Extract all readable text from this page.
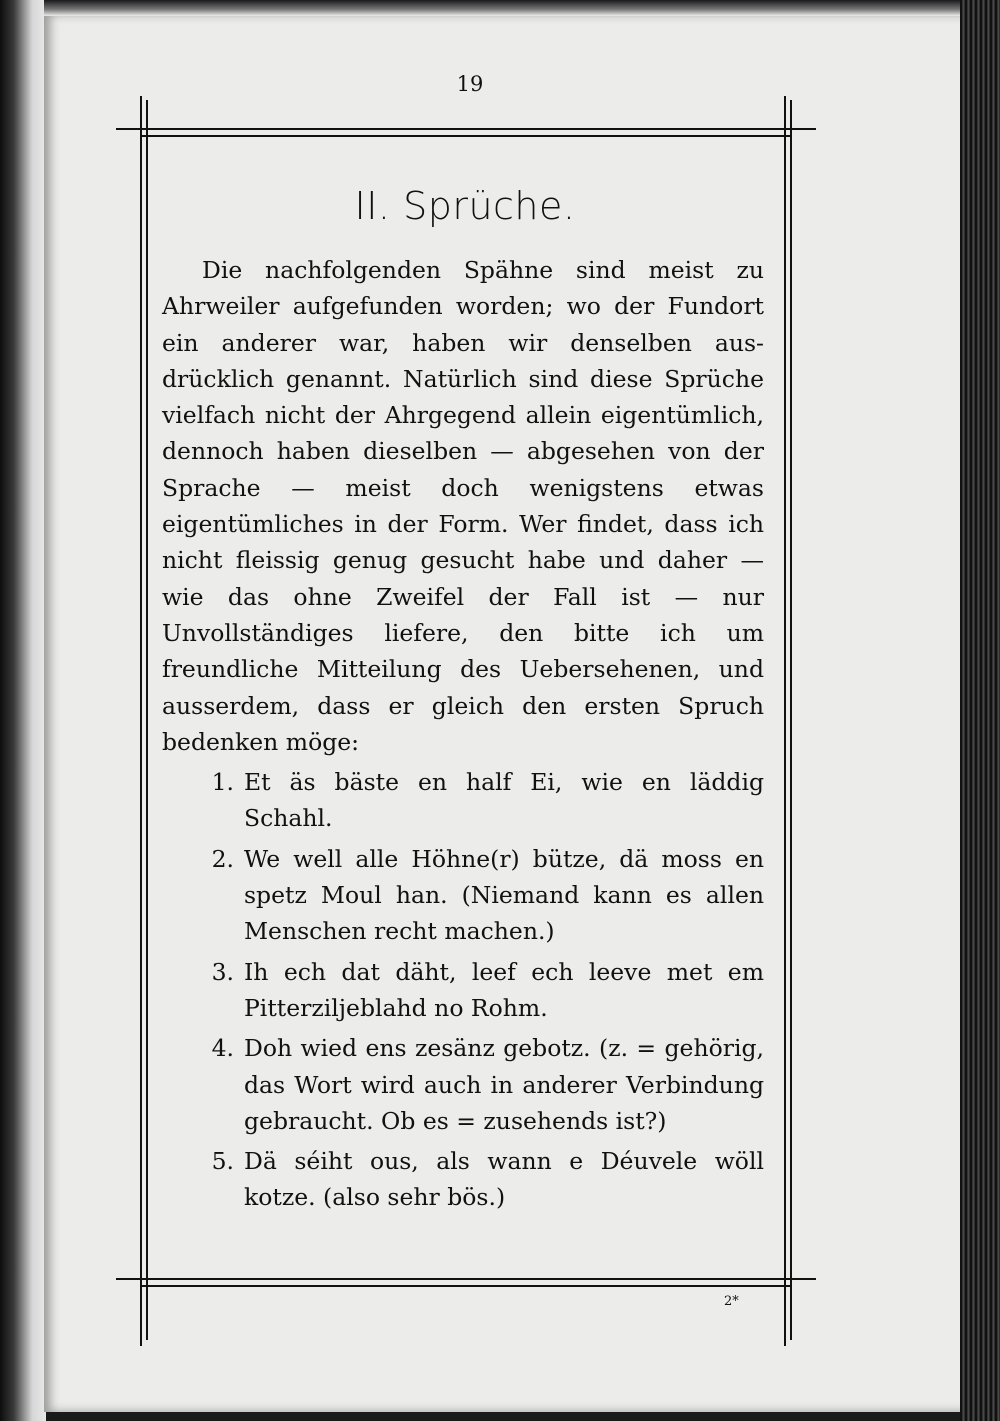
19
II. Sprüche.

Die nachfolgenden Spähne sind meist zu Ahrweiler aufgefunden worden; wo der Fundort ein anderer war, haben wir denselben ausdrücklich genannt. Natürlich sind diese Sprüche vielfach nicht der Ahrgegend allein eigentümlich, dennoch haben dieselben — abgesehen von der Sprache — meist doch wenigstens etwas eigentümliches in der Form. Wer findet, dass ich nicht fleissig genug gesucht habe und daher — wie das ohne Zweifel der Fall ist — nur Unvollständiges liefere, den bitte ich um freundliche Mitteilung des Uebersehenen, und ausserdem, dass er gleich den ersten Spruch bedenken möge:

1. Et äs bäste en half Ei, wie en läddig Schahl.
2. We well alle Höhne(r) bütze, dä moss en spetz Moul han. (Niemand kann es allen Menschen recht machen.)
3. Ih ech dat däht, leef ech leeve met em Pitterziljeblahd no Rohm.
4. Doh wied ens zesänz gebotz. (z. = gehörig, das Wort wird auch in anderer Verbindung gebraucht. Ob es = zusehends ist?)
5. Dä séiht ous, als wann e Déuvele wöll kotze. (also sehr bös.)
2*
